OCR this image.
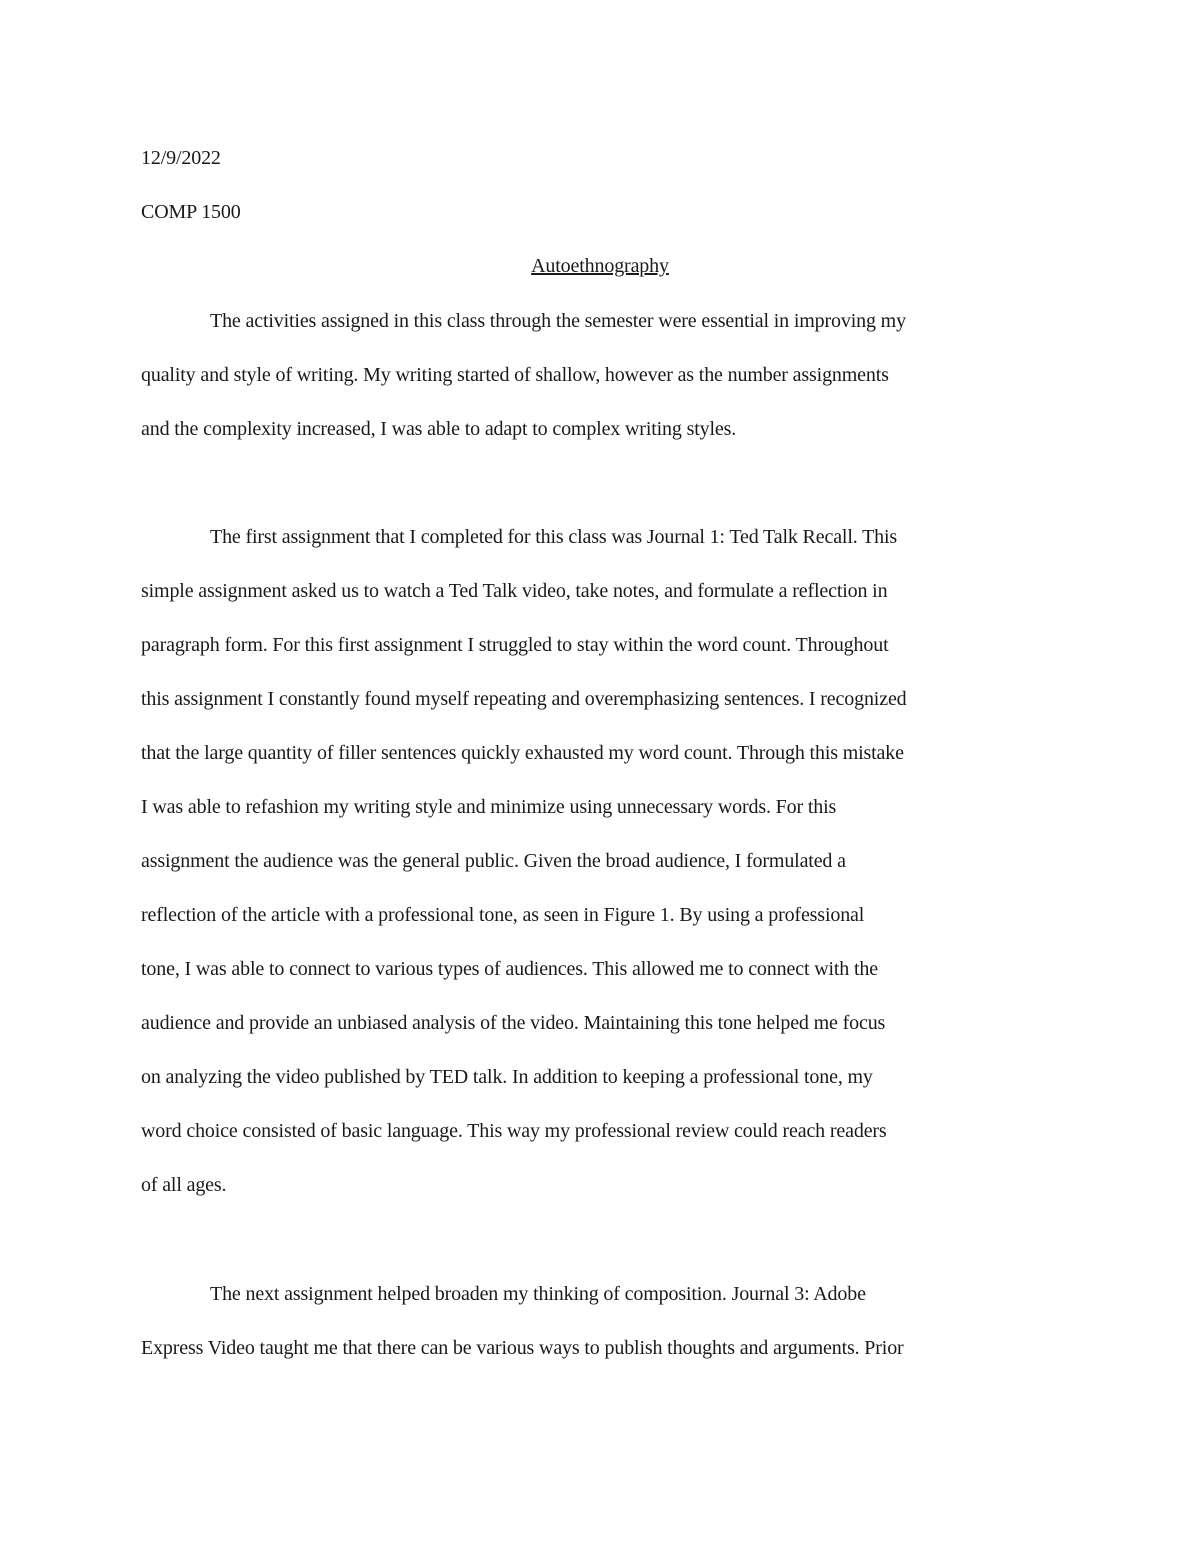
12/9/2022
COMP 1500
Autoethnography
The activities assigned in this class through the semester were essential in improving my
quality and style of writing. My writing started of shallow, however as the number assignments
and the complexity increased, I was able to adapt to complex writing styles.
The first assignment that I completed for this class was Journal 1: Ted Talk Recall. This
simple assignment asked us to watch a Ted Talk video, take notes, and formulate a reflection in
paragraph form. For this first assignment I struggled to stay within the word count. Throughout
this assignment I constantly found myself repeating and overemphasizing sentences. I recognized
that the large quantity of filler sentences quickly exhausted my word count. Through this mistake
I was able to refashion my writing style and minimize using unnecessary words. For this
assignment the audience was the general public. Given the broad audience, I formulated a
reflection of the article with a professional tone, as seen in Figure 1. By using a professional
tone, I was able to connect to various types of audiences. This allowed me to connect with the
audience and provide an unbiased analysis of the video. Maintaining this tone helped me focus
on analyzing the video published by TED talk. In addition to keeping a professional tone, my
word choice consisted of basic language. This way my professional review could reach readers
of all ages.
The next assignment helped broaden my thinking of composition. Journal 3: Adobe
Express Video taught me that there can be various ways to publish thoughts and arguments. Prior
